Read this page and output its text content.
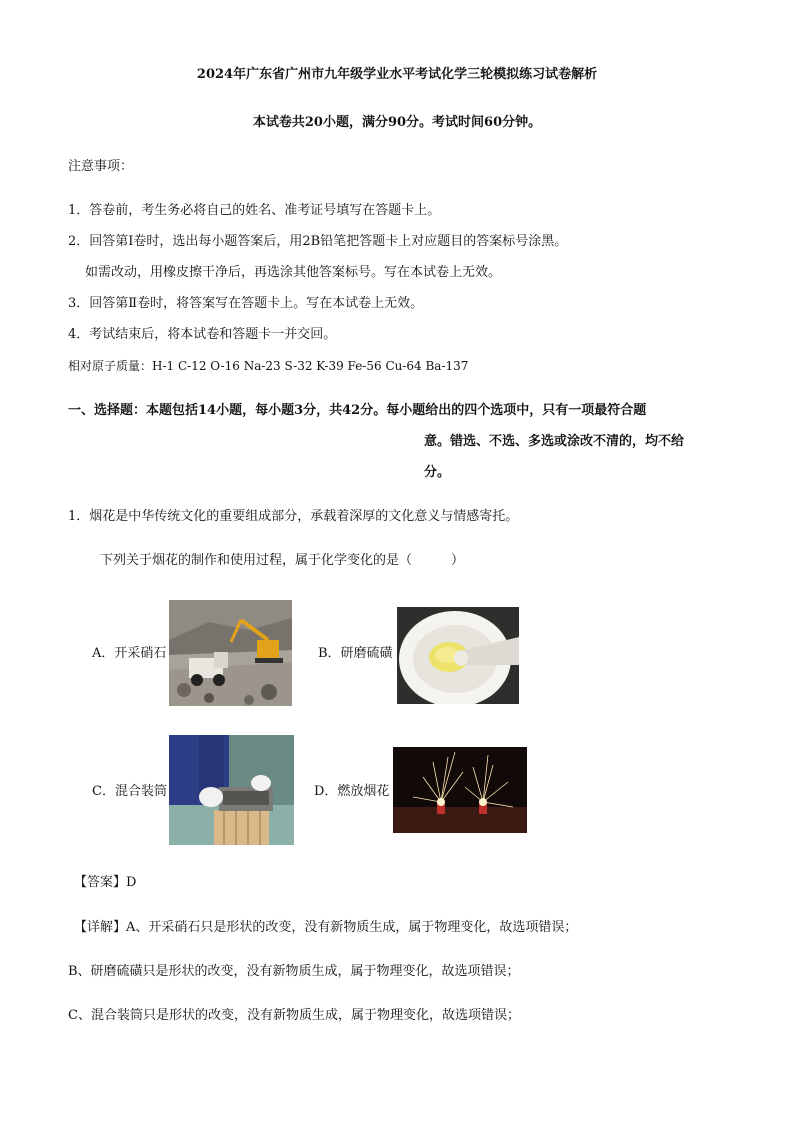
2024年广东省广州市九年级学业水平考试化学三轮模拟练习试卷解析
本试卷共20小题，满分90分。考试时间60分钟。
注意事项：
1．答卷前，考生务必将自己的姓名、准考证号填写在答题卡上。
2．回答第Ⅰ卷时，选出每小题答案后，用2B铅笔把答题卡上对应题目的答案标号涂黑。
如需改动，用橡皮擦干净后，再选涂其他答案标号。写在本试卷上无效。
3．回答第Ⅱ卷时，将答案写在答题卡上。写在本试卷上无效。
4．考试结束后，将本试卷和答题卡一并交回。
相对原子质量：H-1 C-12 O-16 Na-23 S-32 K-39 Fe-56 Cu-64 Ba-137
一、选择题：本题包括14小题，每小题3分，共42分。每小题给出的四个选项中，只有一项最符合题
意。错选、不选、多选或涂改不清的，均不给
分。
1．烟花是中华传统文化的重要组成部分，承载着深厚的文化意义与情感寄托。
下列关于烟花的制作和使用过程，属于化学变化的是（　　　）
A．开采硝石	B．研磨硫磺
C．混合装筒	D．燃放烟花
【答案】D
【详解】A、开采硝石只是形状的改变，没有新物质生成，属于物理变化，故选项错误；
B、研磨硫磺只是形状的改变，没有新物质生成，属于物理变化，故选项错误；
C、混合装筒只是形状的改变，没有新物质生成，属于物理变化，故选项错误；
